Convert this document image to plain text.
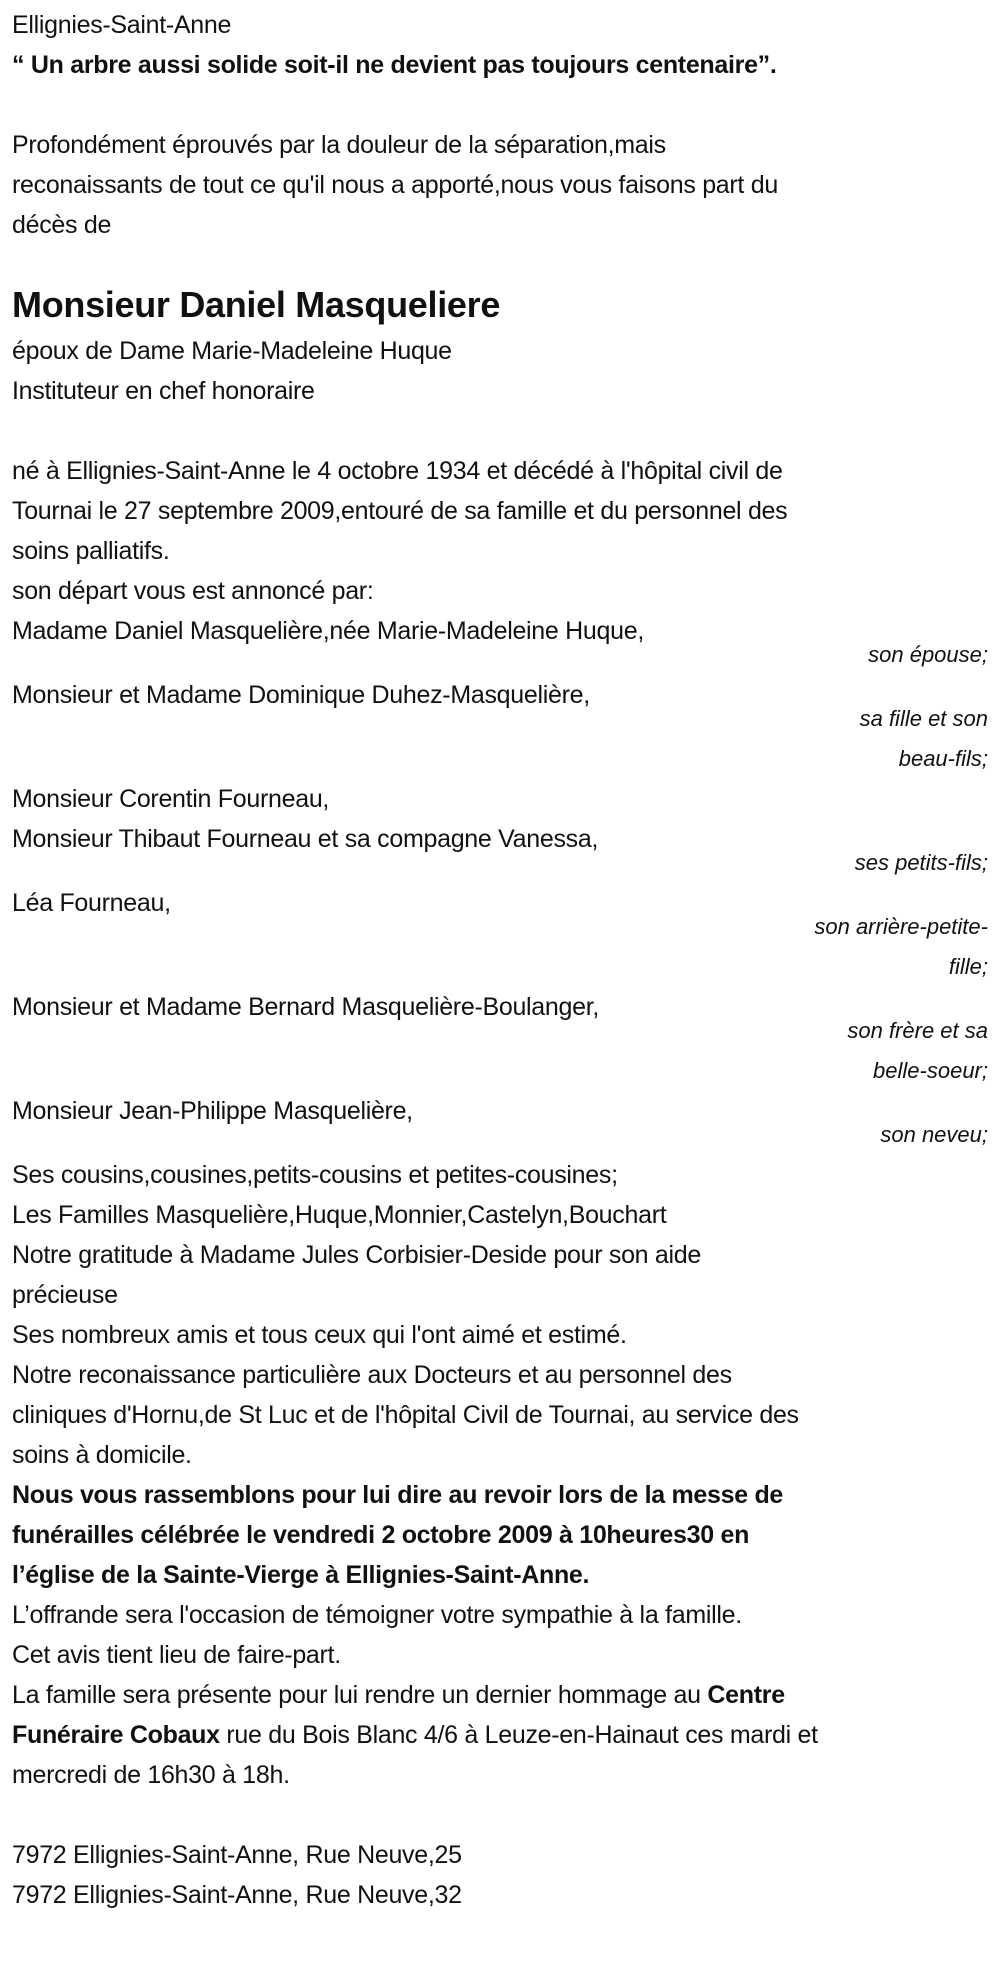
Ellignies-Saint-Anne
“ Un arbre aussi solide soit-il ne devient pas toujours centenaire”.
Profondément éprouvés par la douleur de la séparation,mais
reconaissants de tout ce qu'il nous a apporté,nous vous faisons part du
décès de
Monsieur Daniel Masqueliere
époux de Dame Marie-Madeleine Huque
Instituteur en chef honoraire
né à Ellignies-Saint-Anne le 4 octobre 1934 et décédé à l'hôpital civil de
Tournai le 27 septembre 2009,entouré de sa famille et du personnel des
soins palliatifs.
son départ vous est annoncé par:
Madame Daniel Masquelière,née Marie-Madeleine Huque,
son épouse;
Monsieur et Madame Dominique Duhez-Masquelière,
sa fille et son
beau-fils;
Monsieur Corentin Fourneau,
Monsieur Thibaut Fourneau et sa compagne Vanessa,
ses petits-fils;
Léa Fourneau,
son arrière-petite-
fille;
Monsieur et Madame Bernard Masquelière-Boulanger,
son frère et sa
belle-soeur;
Monsieur Jean-Philippe Masquelière,
son neveu;
Ses cousins,cousines,petits-cousins et petites-cousines;
Les Familles Masquelière,Huque,Monnier,Castelyn,Bouchart
Notre gratitude à Madame Jules Corbisier-Deside pour son aide
précieuse
Ses nombreux amis et tous ceux qui l'ont aimé et estimé.
Notre reconaissance particulière aux Docteurs et au personnel des
cliniques d'Hornu,de St Luc et de l'hôpital Civil de Tournai, au service des
soins à domicile.
Nous vous rassemblons pour lui dire au revoir lors de la messe de
funérailles célébrée le vendredi 2 octobre 2009 à 10heures30 en
l’église de la Sainte-Vierge à Ellignies-Saint-Anne.
L’offrande sera l'occasion de témoigner votre sympathie à la famille.
Cet avis tient lieu de faire-part.
La famille sera présente pour lui rendre un dernier hommage au Centre
Funéraire Cobaux rue du Bois Blanc 4/6 à Leuze-en-Hainaut ces mardi et
mercredi de 16h30 à 18h.
7972 Ellignies-Saint-Anne, Rue Neuve,25
7972 Ellignies-Saint-Anne, Rue Neuve,32
